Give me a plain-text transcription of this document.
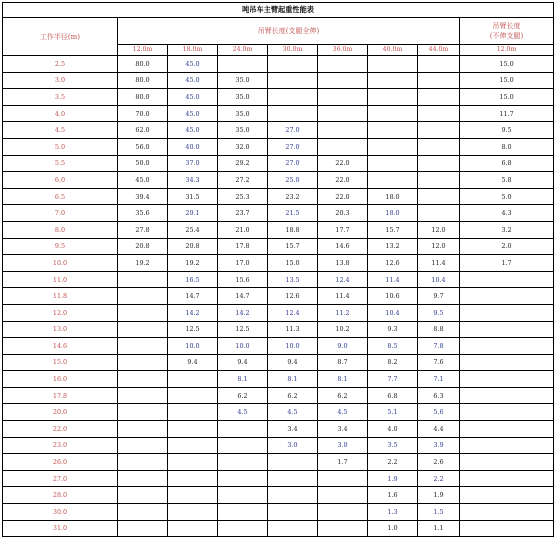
吨吊车主臂起重性能表								
工作半径(m)	吊臂长度(支腿全伸)							吊臂长度
(不伸支腿)

	12.0m	18.0m	24.0m	30.0m	36.0m	40.0m	44.0m	12.0m
2.5	80.0	45.0						15.0
3.0	80.0	45.0	35.0					15.0
3.5	80.0	45.0	35.0					15.0
4.0	70.0	45.0	35.0					11.7
4.5	62.0	45.0	35.0	27.0				9.5
5.0	56.0	40.0	32.0	27.0				8.0
5.5	50.0	37.0	29.2	27.0	22.0			6.8
6.0	45.0	34.3	27.2	25.0	22.0			5.8
6.5	39.4	31.5	25.3	23.2	22.0	18.0		5.0
7.0	35.6	29.1	23.7	21.5	20.3	18.0		4.3
8.0	27.8	25.4	21.0	18.8	17.7	15.7	12.0	3.2
9.5	20.8	20.8	17.8	15.7	14.6	13.2	12.0	2.0
10.0	19.2	19.2	17.0	15.0	13.8	12.6	11.4	1.7
11.0		16.5	15.6	13.5	12.4	11.4	10.4	
11.8		14.7	14.7	12.6	11.4	10.6	9.7	
12.0		14.2	14.2	12.4	11.2	10.4	9.5	
13.0		12.5	12.5	11.3	10.2	9.3	8.8	
14.6		10.0	10.0	10.0	9.0	8.5	7.8	
15.0		9.4	9.4	9.4	8.7	8.2	7.6	
16.0			8.1	8.1	8.1	7.7	7.1	
17.8			6.2	6.2	6.2	6.8	6.3	
20.0			4.5	4.5	4.5	5.1	5.6	
22.0				3.4	3.4	4.0	4.4	
23.0				3.0	3.0	3.5	3.9	
26.0					1.7	2.2	2.6	
27.0						1.9	2.2	
28.0						1.6	1.9	
30.0						1.3	1.5	
31.0						1.0	1.1	
